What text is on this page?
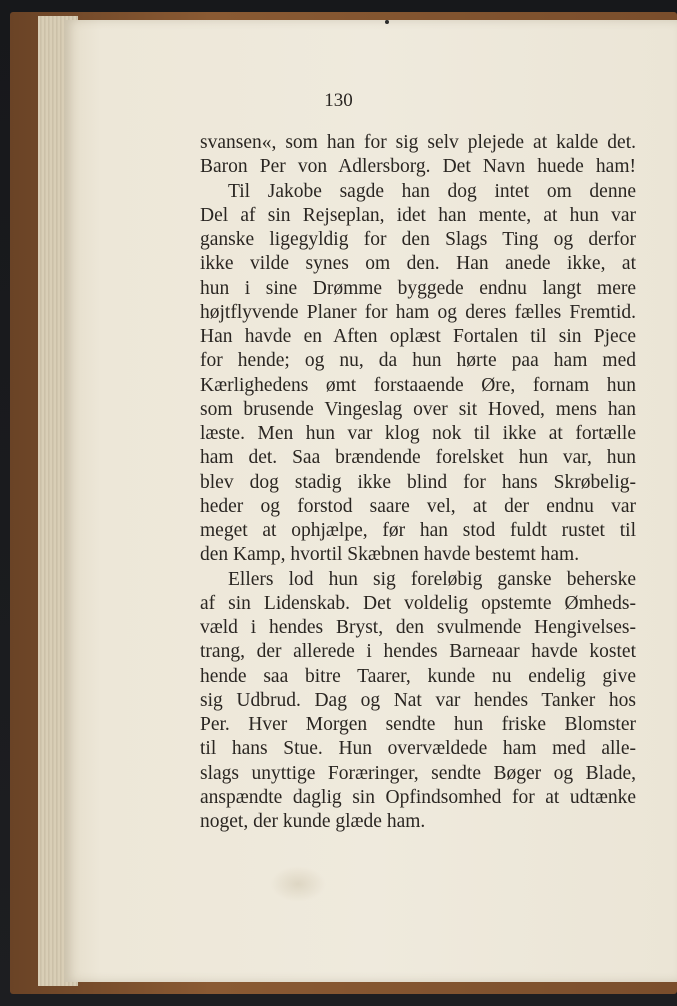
130
svansen«, som han for sig selv plejede at kalde det.
Baron Per von Adlersborg. Det Navn huede ham!
Til Jakobe sagde han dog intet om denne
Del af sin Rejseplan, idet han mente, at hun var
ganske ligegyldig for den Slags Ting og derfor
ikke vilde synes om den. Han anede ikke, at
hun i sine Drømme byggede endnu langt mere
højtflyvende Planer for ham og deres fælles Fremtid.
Han havde en Aften oplæst Fortalen til sin Pjece
for hende; og nu, da hun hørte paa ham med
Kærlighedens ømt forstaaende Øre, fornam hun
som brusende Vingeslag over sit Hoved, mens han
læste. Men hun var klog nok til ikke at fortælle
ham det. Saa brændende forelsket hun var, hun
blev dog stadig ikke blind for hans Skrøbelig-
heder og forstod saare vel, at der endnu var
meget at ophjælpe, før han stod fuldt rustet til
den Kamp, hvortil Skæbnen havde bestemt ham.
Ellers lod hun sig foreløbig ganske beherske
af sin Lidenskab. Det voldelig opstemte Ømheds-
væld i hendes Bryst, den svulmende Hengivelses-
trang, der allerede i hendes Barneaar havde kostet
hende saa bitre Taarer, kunde nu endelig give
sig Udbrud. Dag og Nat var hendes Tanker hos
Per. Hver Morgen sendte hun friske Blomster
til hans Stue. Hun overvældede ham med alle-
slags unyttige Foræringer, sendte Bøger og Blade,
anspændte daglig sin Opfindsomhed for at udtænke
noget, der kunde glæde ham.
